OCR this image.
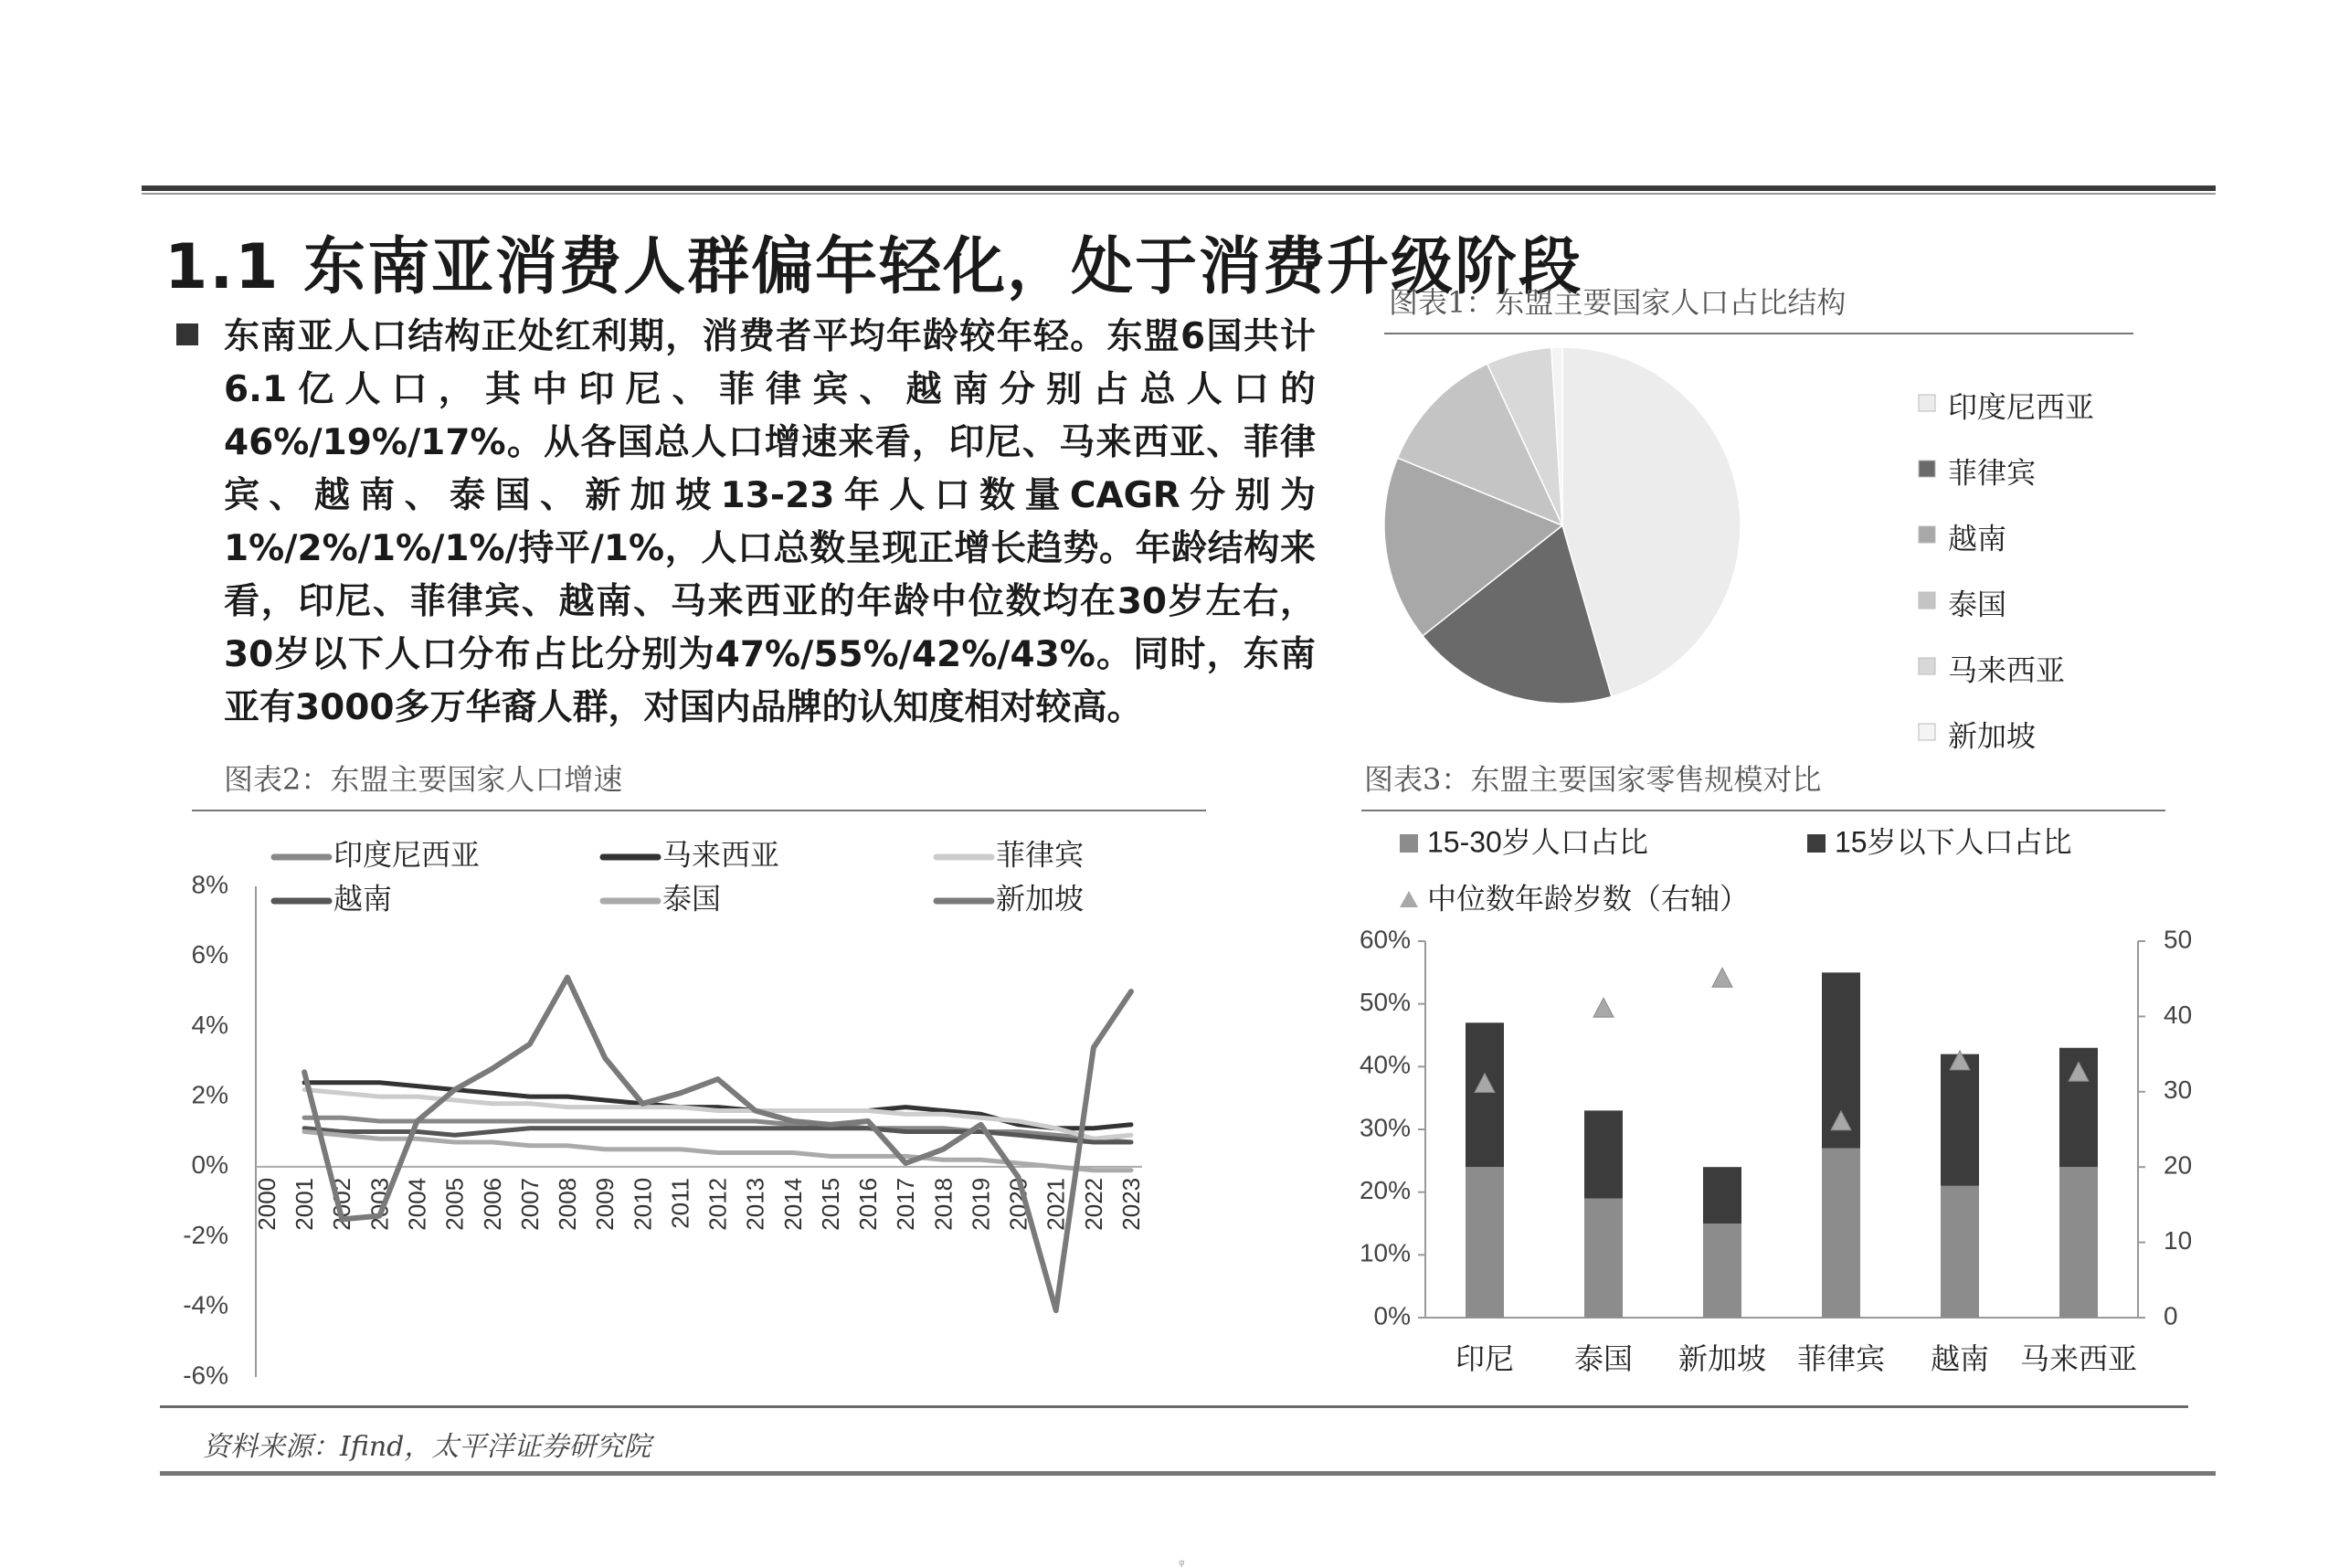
1.1 东南亚消费人群偏年轻化，处于消费升级阶段
东南亚人口结构正处红利期，消费者平均年龄较年轻。东盟6国共计6.1亿人口，其中印尼、菲律宾、越南分别占总人口的46%/19%/17%。从各国总人口增速来看，印尼、马来西亚、菲律宾、越南、泰国、新加坡13-23年人口数量CAGR分别为1%/2%/1%/1%/持平/1%，人口总数呈现正增长趋势。年龄结构来看，印尼、菲律宾、越南、马来西亚的年龄中位数均在30岁左右，30岁以下人口分布占比分别为47%/55%/42%/43%。同时，东南亚有3000多万华裔人群，对国内品牌的认知度相对较高。
图表1：东盟主要国家人口占比结构
印度尼西亚
菲律宾
越南
泰国
马来西亚
新加坡
图表2：东盟主要国家人口增速
8%
6%
4%
2%
0%
-2%
-4%
-6%
2000 2001 2002 2003 2004 2005 2006 2007 2008 2009 2010 2011 2012 2013 2014 2015 2016 2017 2018 2019 2020 2021 2022 2023
印度尼西亚	马来西亚	菲律宾
越南	泰国	新加坡
图表3：东盟主要国家零售规模对比
0%
10%
20%
30%
40%
50%
60%
0
10
20
30
40
50
印尼 泰国 新加坡 菲律宾 越南 马来西亚
15-30岁人口占比	15岁以下人口占比
中位数年龄岁数（右轴）
资料来源：Ifind，太平洋证券研究院
φ
